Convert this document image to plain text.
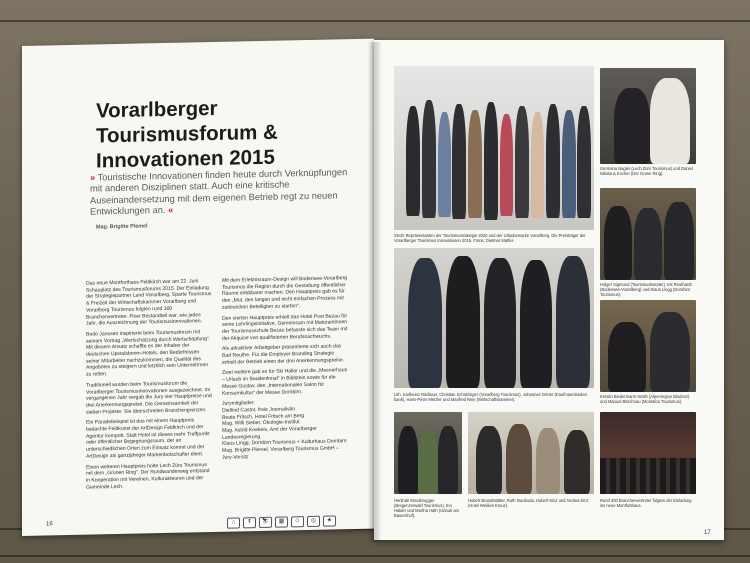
Vorarlberger Tourismusforum & Innovationen 2015
» Touristische Innovationen finden heute durch Verknüpfungen mit anderen Disziplinen statt. Auch eine kritische Auseinandersetzung mit dem eigenen Betrieb regt zu neuen Entwicklungen an. «
Mag. Brigitte Plemel

Das neue Montforthaus Feldkirch war am 22. Juni Schauplatz des Tourismusforums 2015. Der Einladung der Strategiepartner Land Vorarlberg, Sparte Tourismus & Freizeit der Wirtschaftskammer Vorarlberg und Vorarlberg Tourismus folgten rund 300 Branchenvertreter. Fixer Bestandteil war, wie jedes Jahr, die Auszeichnung der Tourismusinnovationen.

Bodo Janssen inspirierte beim Tourismusforum mit seinem Vortrag „Wertschätzung durch Wertschöpfung“. Mit diesem Ansatz schaffte es der Inhaber der deutschen Upstalsboom-Hotels, den Bedürfnissen seiner Mitarbeiter nachzukommen, die Qualität des Angebotes zu steigern und letztlich sein Unternehmen zu retten.

Traditionell wurden beim Tourismusforum die Vorarlberger Tourismusinnovationen ausgezeichnet. Im vergangenen Jahr vergab die Jury vier Hauptpreise und drei Anerkennungspreise. Die Gemeinsamkeit der sieben Projekte: Sie überschreiten Branchengrenzen.

Ein Paradebeispiel ist das mit einem Hauptpreis bedachte Feldkunst der ArtDesign Feldkirch und der Agentur kompott. Statt Hotel ist dieses mehr Treffpunkt oder öffentlicher Begegnungsraum, der an unterschiedlichen Orten zum Einsatz kommt und der ArtDesign als ganzjähriger Markenbotschafter dient.

Einen weiteren Hauptpreis holte Lech Zürs Tourismus mit dem „Grünen Ring“. Der Rundwanderweg entstand in Kooperation mit Vereinen, Kulturakteuren und der Gemeinde Lech.

Mit dem Erlebnisraum-Design will Bodensee-Vorarlberg Tourismus die Region durch die Gestaltung öffentlicher Räume erlebbarer machen. Den Hauptpreis gab es für den „Mut, den langen und nicht einfachen Prozess mit zahlreichen Beteiligten zu starten“.

Den vierten Hauptpreis erhielt das Hotel Post Bezau für seine Lehrlingsinitiative. Gemeinsam mit Maturantinnen der Tourismusschule Bezau befasste sich das Team mit der Akquise von qualifizierten Berufsnachwuchs.

Als attraktiver Arbeitgeber präsentierte sich auch das Bad Reuthe. Für die Employer Branding Strategie erhielt der Betrieb einen der drei Anerkennungspreise.

Zwei weitere gab es für Ski Haller und die „Mesnerhaus – Urlaub im Baudenkmal“ in Bildstein sowie für die Messe Gustav, den „Internationalen Salon für Konsumkultur“ der Messe Dornbirn.

Jurymitglieder:
Dietlind Castor, freie Journalistin
Beate Fritsch, Hotel Fritsch am Berg
Mag. Willi Sieber, Ökologie-Institut
Mag. Astrid Koekeis, Amt der Vorarlberger Landesregierung
Klaus Lingg, Dornbirn Tourismus + Kulturhaus Dornbirn
Mag. Brigitte Plemel, Vorarlberg Tourismus GmbH – Jury-Vorsitz
⌂	↟	⛷	▦	☺	◎	★
16
Strolz Repräsentanten der Tourismusstrategie 2020 und der Urlaubsmarke Vorarlberg. Die Preisträger der Vorarlberger Tourismus Innovationen 2015. Fotos: Dietmar Mathis
Germana Nagler (Lech Zürs Tourismus) und Daniel Nikolaus Kocher (Der Grüne Ring).
Holger Sigmund (Tourismusberater), Iris Reuthardt (Bodensee-Vorarlberg) und Klaus Lingg (Dornbirn Tourismus).
Lith. Karlheinz Rüdisser, Christian Schützinger (Vorarlberg Tourismus), Johannes Grtner (Kaufmannlandes- bank), Hans-Peter Metzler und Manfred Rein (Wirtschaftskammer).
Kerstin Biedermann-Smith (Alpenregion Bludenz) und Manuel Bitschnau (Montafon Tourismus).
Herlinde Moosbrugger (Bregenzerwald Tourismus), Evi Halder und Martha Hath (Urlaub am Bauernhof).
Hubert Brandtstätter, Ruth Swoboda, Hubert Kinz und Andrea Kinz (Hotel Weißes Kreuz).
Rund 300 Branchenvertreter folgten der Einladung ins neue Montforthaus.
17
